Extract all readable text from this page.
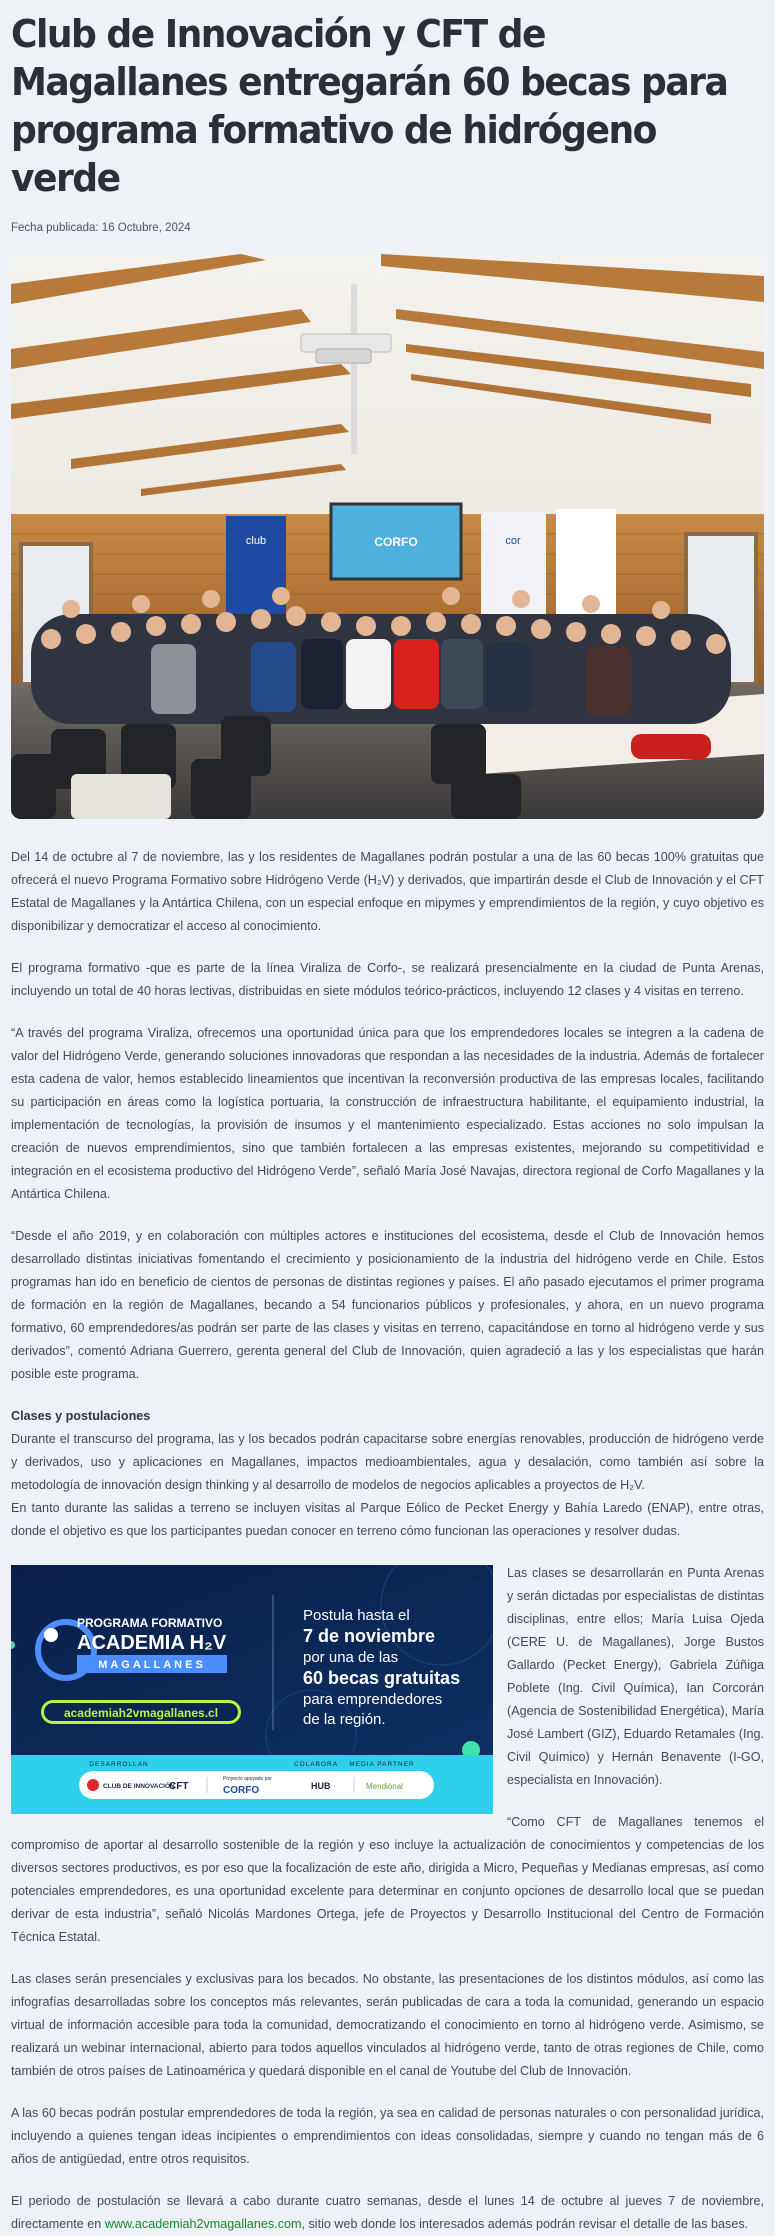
Club de Innovación y CFT de Magallanes entregarán 60 becas para programa formativo de hidrógeno verde
Fecha publicada: 16 Octubre, 2024
CORFO
club	cor

Del 14 de octubre al 7 de noviembre, las y los residentes de Magallanes podrán postular a una de las 60 becas 100% gratuitas que ofrecerá el nuevo Programa Formativo sobre Hidrógeno Verde (H₂V) y derivados, que impartirán desde el Club de Innovación y el CFT Estatal de Magallanes y la Antártica Chilena, con un especial enfoque en mipymes y emprendimientos de la región, y cuyo objetivo es disponibilizar y democratizar el acceso al conocimiento.

El programa formativo -que es parte de la línea Viraliza de Corfo-, se realizará presencialmente en la ciudad de Punta Arenas, incluyendo un total de 40 horas lectivas, distribuidas en siete módulos teórico-prácticos, incluyendo 12 clases y 4 visitas en terreno.

“A través del programa Viraliza, ofrecemos una oportunidad única para que los emprendedores locales se integren a la cadena de valor del Hidrógeno Verde, generando soluciones innovadoras que respondan a las necesidades de la industria. Además de fortalecer esta cadena de valor, hemos establecido lineamientos que incentivan la reconversión productiva de las empresas locales, facilitando su participación en áreas como la logística portuaria, la construcción de infraestructura habilitante, el equipamiento industrial, la implementación de tecnologías, la provisión de insumos y el mantenimiento especializado. Estas acciones no solo impulsan la creación de nuevos emprendimientos, sino que también fortalecen a las empresas existentes, mejorando su competitividad e integración en el ecosistema productivo del Hidrógeno Verde”, señaló María José Navajas, directora regional de Corfo Magallanes y la Antártica Chilena.

“Desde el año 2019, y en colaboración con múltiples actores e instituciones del ecosistema, desde el Club de Innovación hemos desarrollado distintas iniciativas fomentando el crecimiento y posicionamiento de la industria del hidrógeno verde en Chile. Estos programas han ido en beneficio de cientos de personas de distintas regiones y países. El año pasado ejecutamos el primer programa de formación en la región de Magallanes, becando a 54 funcionarios públicos y profesionales, y ahora, en un nuevo programa formativo, 60 emprendedores/as podrán ser parte de las clases y visitas en terreno, capacitándose en torno al hidrógeno verde y sus derivados”, comentó Adriana Guerrero, gerenta general del Club de Innovación, quien agradeció a las y los especialistas que harán posible este programa.

Clases y postulaciones

Durante el transcurso del programa, las y los becados podrán capacitarse sobre energías renovables, producción de hidrógeno verde y derivados, uso y aplicaciones en Magallanes, impactos medioambientales, agua y desalación, como también así sobre la metodología de innovación design thinking y al desarrollo de modelos de negocios aplicables a proyectos de H₂V.

En tanto durante las salidas a terreno se incluyen visitas al Parque Eólico de Pecket Energy y Bahía Laredo (ENAP), entre otras, donde el objetivo es que los participantes puedan conocer en terreno cómo funcionan las operaciones y resolver dudas.

PROGRAMA FORMATIVO
ACADEMIA H₂V
MAGALLANES
academiah2vmagallanes.cl
Postula hasta el
7 de noviembre
por una de las
60 becas gratuitas
para emprendedores
de la región.
DESARROLLAN	COLABORA MEDIA PARTNER
CLUB DE INNOVACIÓN
CFT
Proyecto apoyado por
CORFO	HUB	Mendiónal

Las clases se desarrollarán en Punta Arenas y serán dictadas por especialistas de distintas disciplinas, entre ellos; María Luisa Ojeda (CERE U. de Magallanes), Jorge Bustos Gallardo (Pecket Energy), Gabriela Zúñiga Poblete (Ing. Civil Química), Ian Corcorán (Agencia de Sostenibilidad Energética), María José Lambert (GIZ), Eduardo Retamales (Ing. Civil Químico) y Hernán Benavente (I-GO, especialista en Innovación).

“Como CFT de Magallanes tenemos el compromiso de aportar al desarrollo sostenible de la región y eso incluye la actualización de conocimientos y competencias de los diversos sectores productivos, es por eso que la focalización de este año, dirigida a Micro, Pequeñas y Medianas empresas, así como potenciales emprendedores, es una oportunidad excelente para determinar en conjunto opciones de desarrollo local que se puedan derivar de esta industria”, señaló Nicolás Mardones Ortega, jefe de Proyectos y Desarrollo Institucional del Centro de Formación Técnica Estatal.

Las clases serán presenciales y exclusivas para los becados. No obstante, las presentaciones de los distintos módulos, así como las infografías desarrolladas sobre los conceptos más relevantes, serán publicadas de cara a toda la comunidad, generando un espacio virtual de información accesible para toda la comunidad, democratizando el conocimiento en torno al hidrógeno verde. Asimismo, se realizará un webinar internacional, abierto para todos aquellos vinculados al hidrógeno verde, tanto de otras regiones de Chile, como también de otros países de Latinoamérica y quedará disponible en el canal de Youtube del Club de Innovación.

A las 60 becas podrán postular emprendedores de toda la región, ya sea en calidad de personas naturales o con personalidad jurídica, incluyendo a quienes tengan ideas incipientes o emprendimientos con ideas consolidadas, siempre y cuando no tengan más de 6 años de antigüedad, entre otros requisitos.

El periodo de postulación se llevará a cabo durante cuatro semanas, desde el lunes 14 de octubre al jueves 7 de noviembre, directamente en www.academiah2vmagallanes.com, sitio web donde los interesados además podrán revisar el detalle de las bases.
